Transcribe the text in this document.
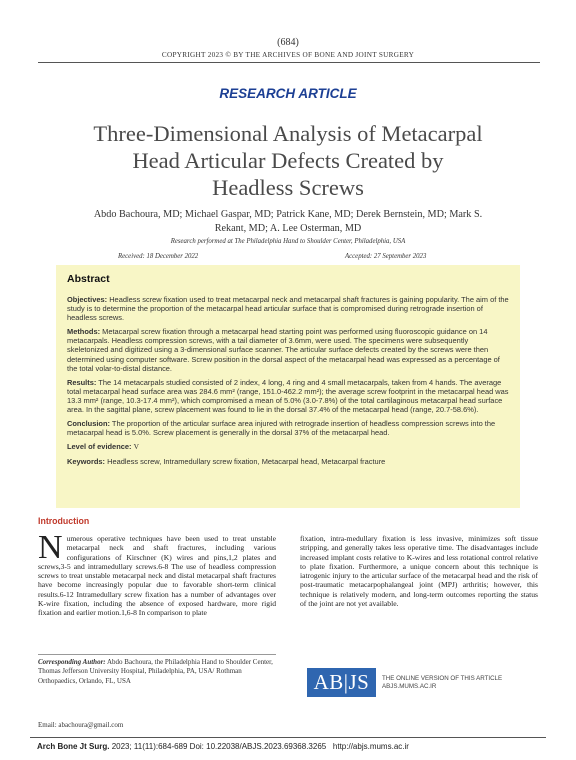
(684)
COPYRIGHT 2023 © BY THE ARCHIVES OF BONE AND JOINT SURGERY
RESEARCH ARTICLE
Three-Dimensional Analysis of Metacarpal
Head Articular Defects Created by
Headless Screws
Abdo Bachoura, MD; Michael Gaspar, MD; Patrick Kane, MD; Derek Bernstein, MD; Mark S.
Rekant, MD; A. Lee Osterman, MD
Research performed at The Philadelphia Hand to Shoulder Center, Philadelphia, USA
Received: 18 December 2022	Accepted: 27 September 2023
Abstract

Objectives: Headless screw fixation used to treat metacarpal neck and metacarpal shaft fractures is gaining popularity. The aim of the study is to determine the proportion of the metacarpal head articular surface that is compromised during retrograde insertion of headless screws.

Methods: Metacarpal screw fixation through a metacarpal head starting point was performed using fluoroscopic guidance on 14 metacarpals. Headless compression screws, with a tail diameter of 3.6mm, were used. The specimens were subsequently skeletonized and digitized using a 3-dimensional surface scanner. The articular surface defects created by the screws were then determined using computer software. Screw position in the dorsal aspect of the metacarpal head was expressed as a percentage of the total volar-to-distal distance.

Results: The 14 metacarpals studied consisted of 2 index, 4 long, 4 ring and 4 small metacarpals, taken from 4 hands. The average total metacarpal head surface area was 284.6 mm² (range, 151.0-462.2 mm²); the average screw footprint in the metacarpal head was 13.3 mm² (range, 10.3-17.4 mm²), which compromised a mean of 5.0% (3.0-7.8%) of the total cartilaginous metacarpal head surface area. In the sagittal plane, screw placement was found to lie in the dorsal 37.4% of the metacarpal head (range, 20.7-58.6%).

Conclusion: The proportion of the articular surface area injured with retrograde insertion of headless compression screws into the metacarpal head is 5.0%. Screw placement is generally in the dorsal 37% of the metacarpal head.

Level of evidence: V

Keywords: Headless screw, Intramedullary screw fixation, Metacarpal head, Metacarpal fracture

Introduction
N umerous operative techniques have been used to treat unstable metacarpal neck and shaft fractures, including various configurations of Kirschner (K) wires and pins,1,2 plates and screws,3-5 and intramedullary screws.6-8 The use of headless compression screws to treat unstable metacarpal neck and distal metacarpal shaft fractures have become increasingly popular due to favorable short-term clinical results.6-12 Intramedullary screw fixation has a number of advantages over K-wire fixation, including the absence of exposed hardware, more rigid fixation and earlier motion.1,6-8 In comparison to plate
fixation, intra-medullary fixation is less invasive, minimizes soft tissue stripping, and generally takes less operative time. The disadvantages include increased implant costs relative to K-wires and less rotational control relative to plate fixation. Furthermore, a unique concern about this technique is iatrogenic injury to the articular surface of the metacarpal head and the risk of post-traumatic metacarpophalangeal joint (MPJ) arthritis; however, this technique is relatively modern, and long-term outcomes reporting the status of the joint are not yet available.
Corresponding Author: Abdo Bachoura, the Philadelphia Hand to Shoulder Center, Thomas Jefferson University Hospital, Philadelphia, PA, USA/ Rothman Orthopaedics, Orlando, FL, USA
Email: abachoura@gmail.com
AB|JS	THE ONLINE VERSION OF THIS ARTICLE
ABJS.MUMS.AC.IR
Arch Bone Jt Surg. 2023; 11(11):684-689 Doi: 10.22038/ABJS.2023.69368.3265 http://abjs.mums.ac.ir
